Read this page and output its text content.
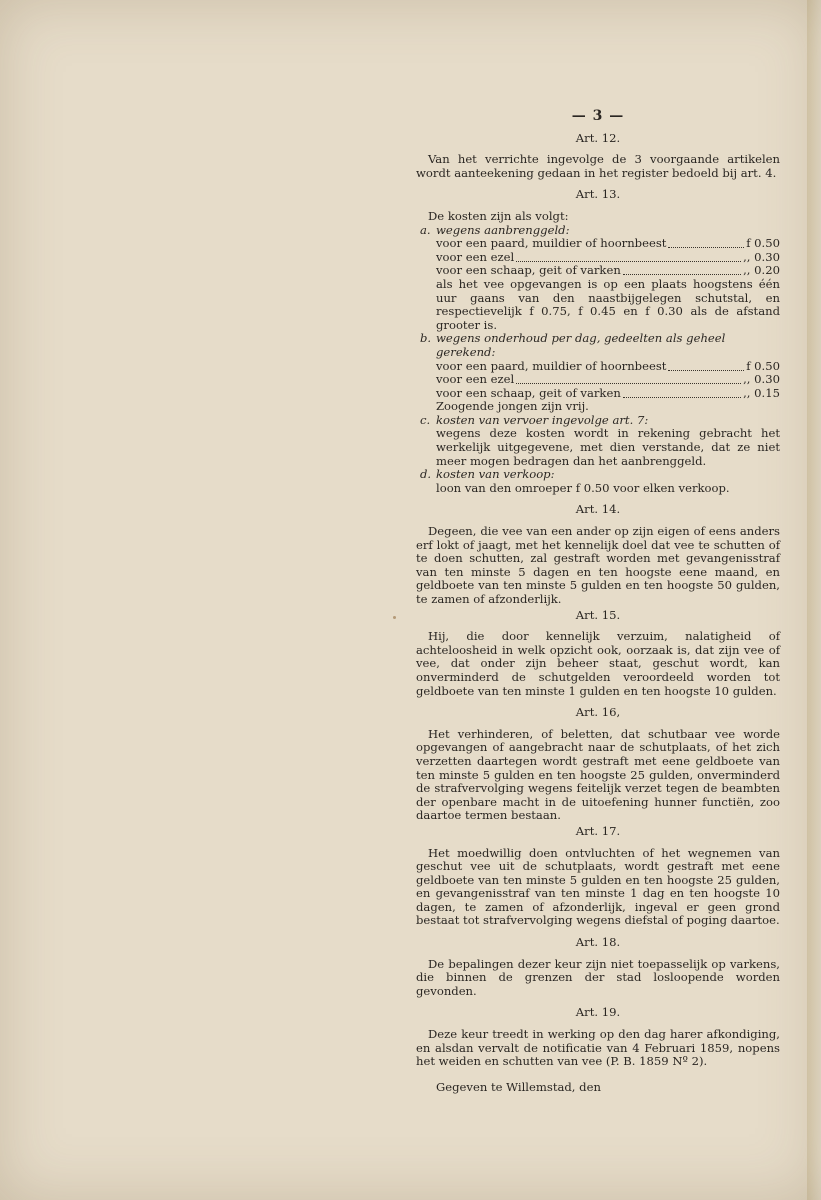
— 3 —
Art. 12.

Van het verrichte ingevolge de 3 voorgaande artikelen wordt aanteekening gedaan in het register bedoeld bij art. 4.

Art. 13.

De kosten zijn als volgt:

a. wegens aanbrenggeld:
voor een paard, muildier of hoornbeest	f 0.50
voor een ezel	,, 0.30
voor een schaap, geit of varken	,, 0.20

als het vee opgevangen is op een plaats hoogstens één uur gaans van den naastbijgelegen schutstal, en respectievelijk f 0.75, f 0.45 en f 0.30 als de afstand grooter is.

b. wegens onderhoud per dag, gedeelten als geheel gerekend:
voor een paard, muildier of hoornbeest	f 0.50
voor een ezel	,, 0.30
voor een schaap, geit of varken	,, 0.15

Zoogende jongen zijn vrij.

c. kosten van vervoer ingevolge art. 7:

wegens deze kosten wordt in rekening gebracht het werkelijk uitgegevene, met dien verstande, dat ze niet meer mogen bedragen dan het aanbrenggeld.

d. kosten van verkoop:

loon van den omroeper f 0.50 voor elken verkoop.

Art. 14.

Degeen, die vee van een ander op zijn eigen of eens anders erf lokt of jaagt, met het kennelijk doel dat vee te schutten of te doen schutten, zal gestraft worden met gevangenisstraf van ten minste 5 dagen en ten hoogste eene maand, en geldboete van ten minste 5 gulden en ten hoogste 50 gulden, te zamen of afzonderlijk.

Art. 15.

Hij, die door kennelijk verzuim, nalatigheid of achteloosheid in welk opzicht ook, oorzaak is, dat zijn vee of vee, dat onder zijn beheer staat, geschut wordt, kan onverminderd de schutgelden veroordeeld worden tot geldboete van ten minste 1 gulden en ten hoogste 10 gulden.

Art. 16,

Het verhinderen, of beletten, dat schutbaar vee worde opgevangen of aangebracht naar de schutplaats, of het zich verzetten daartegen wordt gestraft met eene geldboete van ten minste 5 gulden en ten hoogste 25 gulden, onverminderd de strafvervolging wegens feitelijk verzet tegen de beambten der openbare macht in de uitoefening hunner functiën, zoo daartoe termen bestaan.

Art. 17.

Het moedwillig doen ontvluchten of het wegnemen van geschut vee uit de schutplaats, wordt gestraft met eene geldboete van ten minste 5 gulden en ten hoogste 25 gulden, en gevangenisstraf van ten minste 1 dag en ten hoogste 10 dagen, te zamen of afzonderlijk, ingeval er geen grond bestaat tot strafvervolging wegens diefstal of poging daartoe.

Art. 18.

De bepalingen dezer keur zijn niet toepasselijk op varkens, die binnen de grenzen der stad losloopende worden gevonden.

Art. 19.

Deze keur treedt in werking op den dag harer afkondiging, en alsdan vervalt de notificatie van 4 Februari 1859, nopens het weiden en schutten van vee (P. B. 1859 Nº 2).

Gegeven te Willemstad, den
